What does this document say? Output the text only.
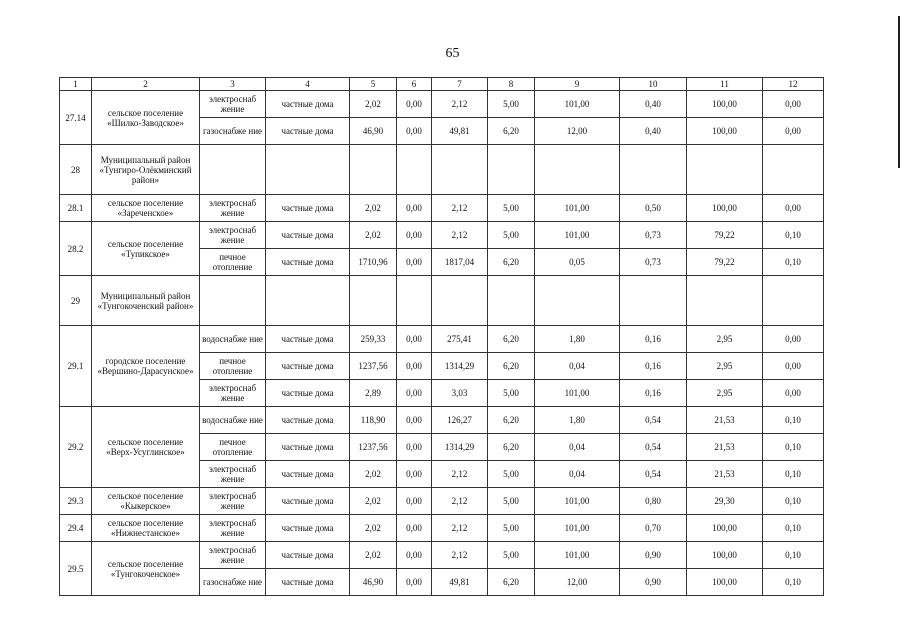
65
1	2	3	4	5	6	7	8	9	10	11	12
27.14	сельское поселение «Шилко-Заводское»	электроснаб жение	частные дома	2,02	0,00	2,12	5,00	101,00	0,40	100,00	0,00
		газоснабже ние	частные дома	46,90	0,00	49,81	6,20	12,00	0,40	100,00	0,00
28	Муниципальный район «Тунгиро-Олёкминский район»										
28.1	сельское поселение «Зареченское»	электроснаб жение	частные дома	2,02	0,00	2,12	5,00	101,00	0,50	100,00	0,00
28.2	сельское поселение «Тупикское»	электроснаб жение	частные дома	2,02	0,00	2,12	5,00	101,00	0,73	79,22	0,10
		печное отопление	частные дома	1710,96	0,00	1817,04	6,20	0,05	0,73	79,22	0,10
29	Муниципальный район «Тунгокоченский район»										
29.1	городское поселение «Вершино-Дарасунское»	водоснабже ние	частные дома	259,33	0,00	275,41	6,20	1,80	0,16	2,95	0,00
		печное отопление	частные дома	1237,56	0,00	1314,29	6,20	0,04	0,16	2,95	0,00
		электроснаб жение	частные дома	2,89	0,00	3,03	5,00	101,00	0,16	2,95	0,00
29.2	сельское поселение «Верх-Усуглинское»	водоснабже ние	частные дома	118,90	0,00	126,27	6,20	1,80	0,54	21,53	0,10
		печное отопление	частные дома	1237,56	0,00	1314,29	6,20	0,04	0,54	21,53	0,10
		электроснаб жение	частные дома	2,02	0,00	2,12	5,00	0,04	0,54	21,53	0,10
29.3	сельское поселение «Кыкерское»	электроснаб жение	частные дома	2,02	0,00	2,12	5,00	101,00	0,80	29,30	0,10
29.4	сельское поселение «Нижнестанское»	электроснаб жение	частные дома	2,02	0,00	2,12	5,00	101,00	0,70	100,00	0,10
29.5	сельское поселение «Тунгокоченское»	электроснаб жение	частные дома	2,02	0,00	2,12	5,00	101,00	0,90	100,00	0,10
		газоснабже ние	частные дома	46,90	0,00	49,81	6,20	12,00	0,90	100,00	0,10
